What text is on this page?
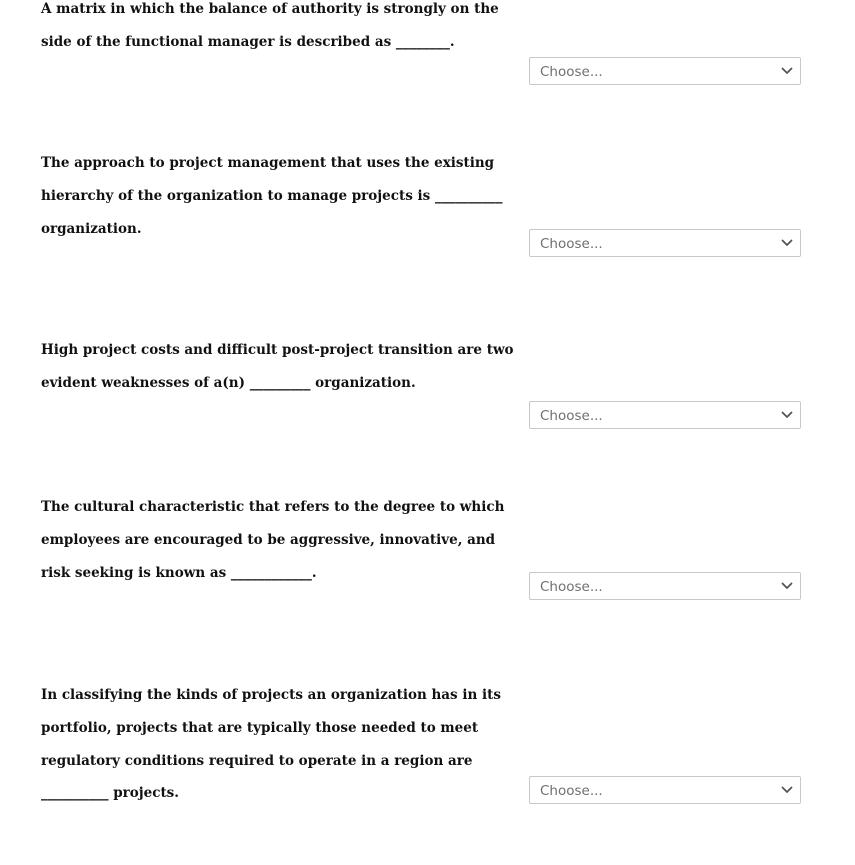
A matrix in which the balance of authority is strongly on the
side of the functional manager is described as ________.
Choose...
The approach to project management that uses the existing
hierarchy of the organization to manage projects is __________
organization.
Choose...
High project costs and difficult post-project transition are two
evident weaknesses of a(n) _________ organization.
Choose...
The cultural characteristic that refers to the degree to which
employees are encouraged to be aggressive, innovative, and
risk seeking is known as ____________.
Choose...
In classifying the kinds of projects an organization has in its
portfolio, projects that are typically those needed to meet
regulatory conditions required to operate in a region are
__________ projects.	Choose...
